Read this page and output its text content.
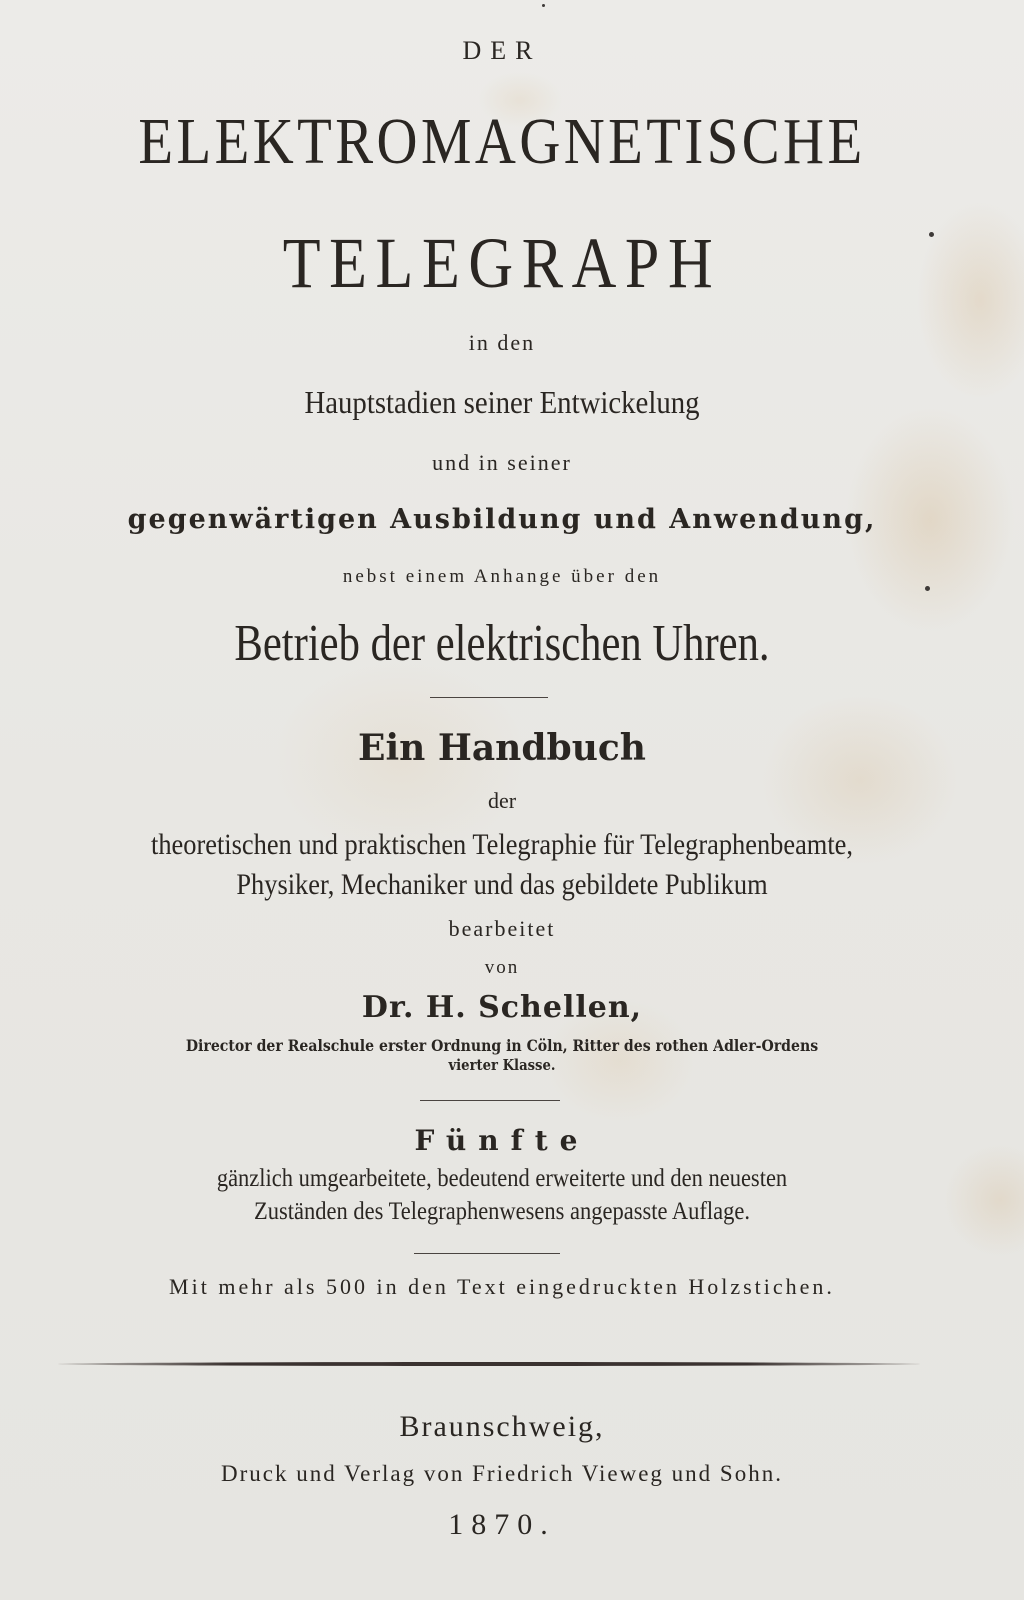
DER
ELEKTROMAGNETISCHE
TELEGRAPH
in den
Hauptstadien seiner Entwickelung
und in seiner
gegenwärtigen Ausbildung und Anwendung,
nebst einem Anhange über den
Betrieb der elektrischen Uhren.
Ein Handbuch
der
theoretischen und praktischen Telegraphie für Telegraphenbeamte,
Physiker, Mechaniker und das gebildete Publikum
bearbeitet
von
Dr. H. Schellen,
Director der Realschule erster Ordnung in Cöln, Ritter des rothen Adler-Ordens
vierter Klasse.
Fünfte
gänzlich umgearbeitete, bedeutend erweiterte und den neuesten
Zuständen des Telegraphenwesens angepasste Auflage.
Mit mehr als 500 in den Text eingedruckten Holzstichen.
Braunschweig,
Druck und Verlag von Friedrich Vieweg und Sohn.
1870.
